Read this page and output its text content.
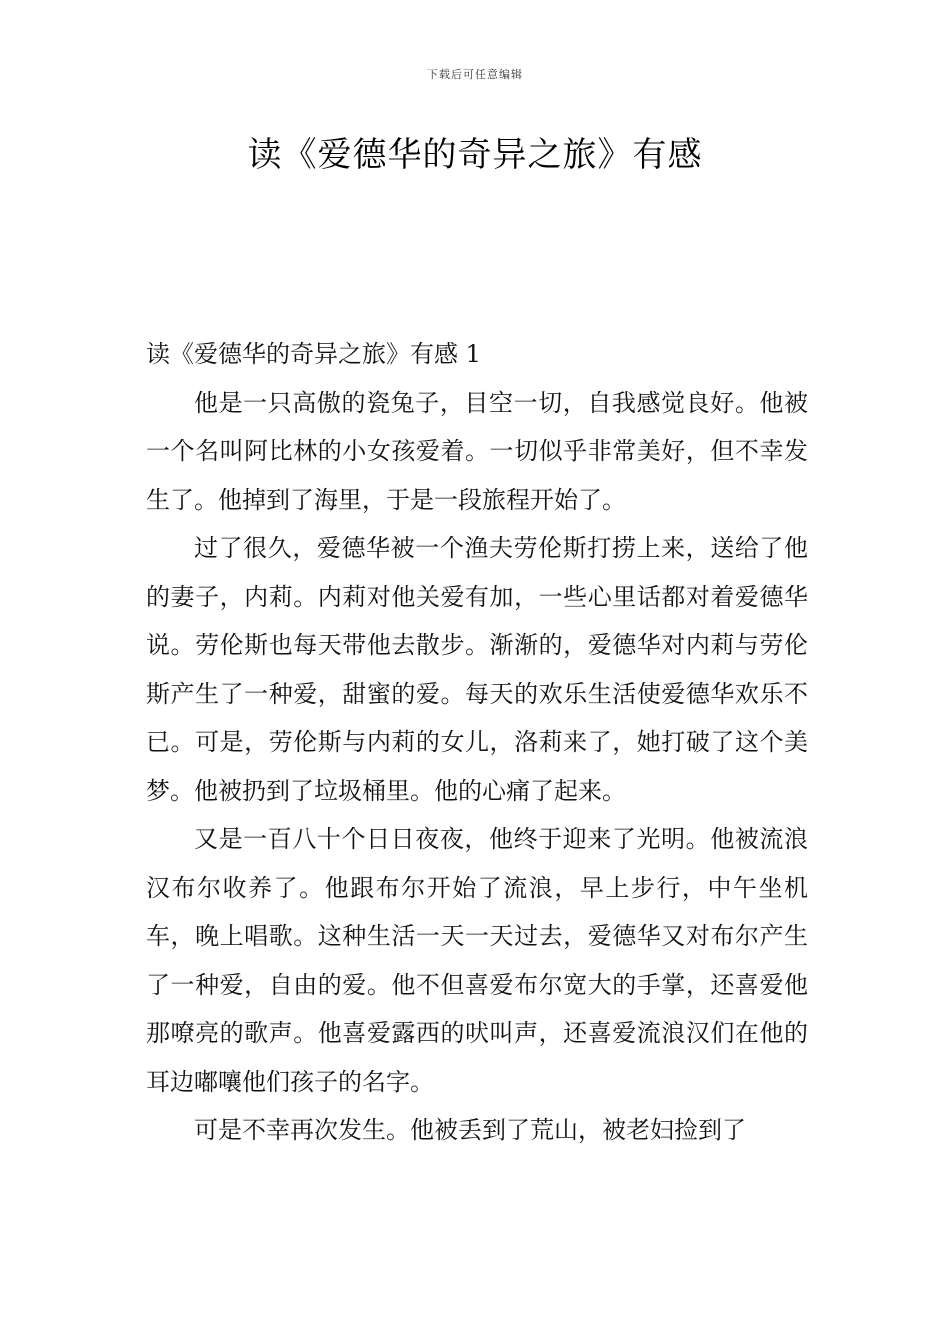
下载后可任意编辑
读《爱德华的奇异之旅》有感

读《爱德华的奇异之旅》有感 1

他是一只高傲的瓷兔子，目空一切，自我感觉良好。他被一个名叫阿比林的小女孩爱着。一切似乎非常美好，但不幸发生了。他掉到了海里，于是一段旅程开始了。

过了很久，爱德华被一个渔夫劳伦斯打捞上来，送给了他的妻子，内莉。内莉对他关爱有加，一些心里话都对着爱德华说。劳伦斯也每天带他去散步。渐渐的，爱德华对内莉与劳伦斯产生了一种爱，甜蜜的爱。每天的欢乐生活使爱德华欢乐不已。可是，劳伦斯与内莉的女儿，洛莉来了，她打破了这个美梦。他被扔到了垃圾桶里。他的心痛了起来。

又是一百八十个日日夜夜，他终于迎来了光明。他被流浪汉布尔收养了。他跟布尔开始了流浪，早上步行，中午坐机车，晚上唱歌。这种生活一天一天过去，爱德华又对布尔产生了一种爱，自由的爱。他不但喜爱布尔宽大的手掌，还喜爱他那嘹亮的歌声。他喜爱露西的吠叫声，还喜爱流浪汉们在他的耳边嘟嚷他们孩子的名字。

可是不幸再次发生。他被丢到了荒山，被老妇捡到了
